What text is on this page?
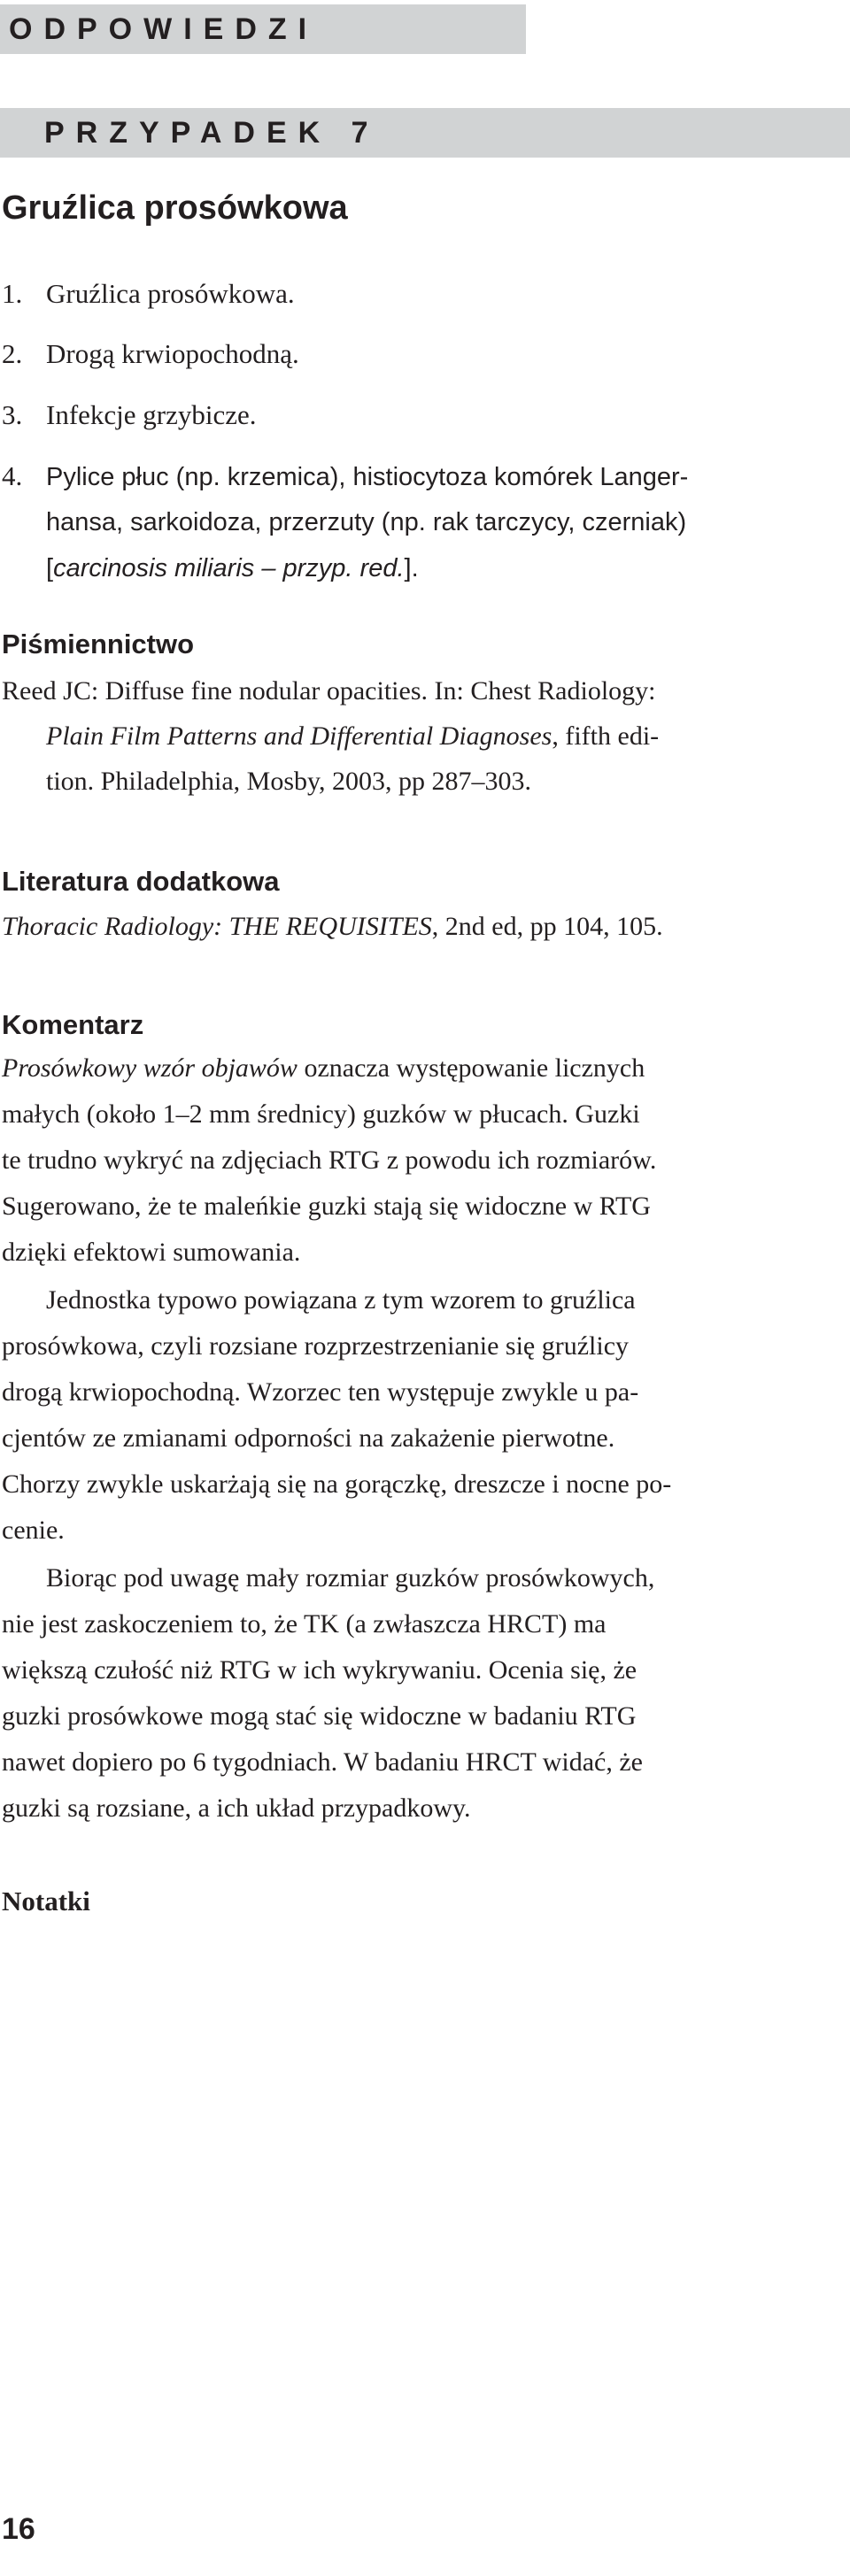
ODPOWIEDZI
PRZYPADEK 7
Gruźlica prosówkowa
1. Gruźlica prosówkowa.
2. Drogą krwiopochodną.
3. Infekcje grzybicze.
4. Pylice płuc (np. krzemica), histiocytoza komórek Langer-
hansa, sarkoidoza, przerzuty (np. rak tarczycy, czerniak)
[carcinosis miliaris – przyp. red.].
Piśmiennictwo
Reed JC: Diffuse fine nodular opacities. In: Chest Radiology:
Plain Film Patterns and Differential Diagnoses, fifth edi-
tion. Philadelphia, Mosby, 2003, pp 287–303.
Literatura dodatkowa
Thoracic Radiology: THE REQUISITES, 2nd ed, pp 104, 105.
Komentarz
Prosówkowy wzór objawów oznacza występowanie licznych
małych (około 1–2 mm średnicy) guzków w płucach. Guzki
te trudno wykryć na zdjęciach RTG z powodu ich rozmiarów.
Sugerowano, że te maleńkie guzki stają się widoczne w RTG
dzięki efektowi sumowania.
Jednostka typowo powiązana z tym wzorem to gruźlica
prosówkowa, czyli rozsiane rozprzestrzenianie się gruźlicy
drogą krwiopochodną. Wzorzec ten występuje zwykle u pa-
cjentów ze zmianami odporności na zakażenie pierwotne.
Chorzy zwykle uskarżają się na gorączkę, dreszcze i nocne po-
cenie.
Biorąc pod uwagę mały rozmiar guzków prosówkowych,
nie jest zaskoczeniem to, że TK (a zwłaszcza HRCT) ma
większą czułość niż RTG w ich wykrywaniu. Ocenia się, że
guzki prosówkowe mogą stać się widoczne w badaniu RTG
nawet dopiero po 6 tygodniach. W badaniu HRCT widać, że
guzki są rozsiane, a ich układ przypadkowy.
Notatki
16
